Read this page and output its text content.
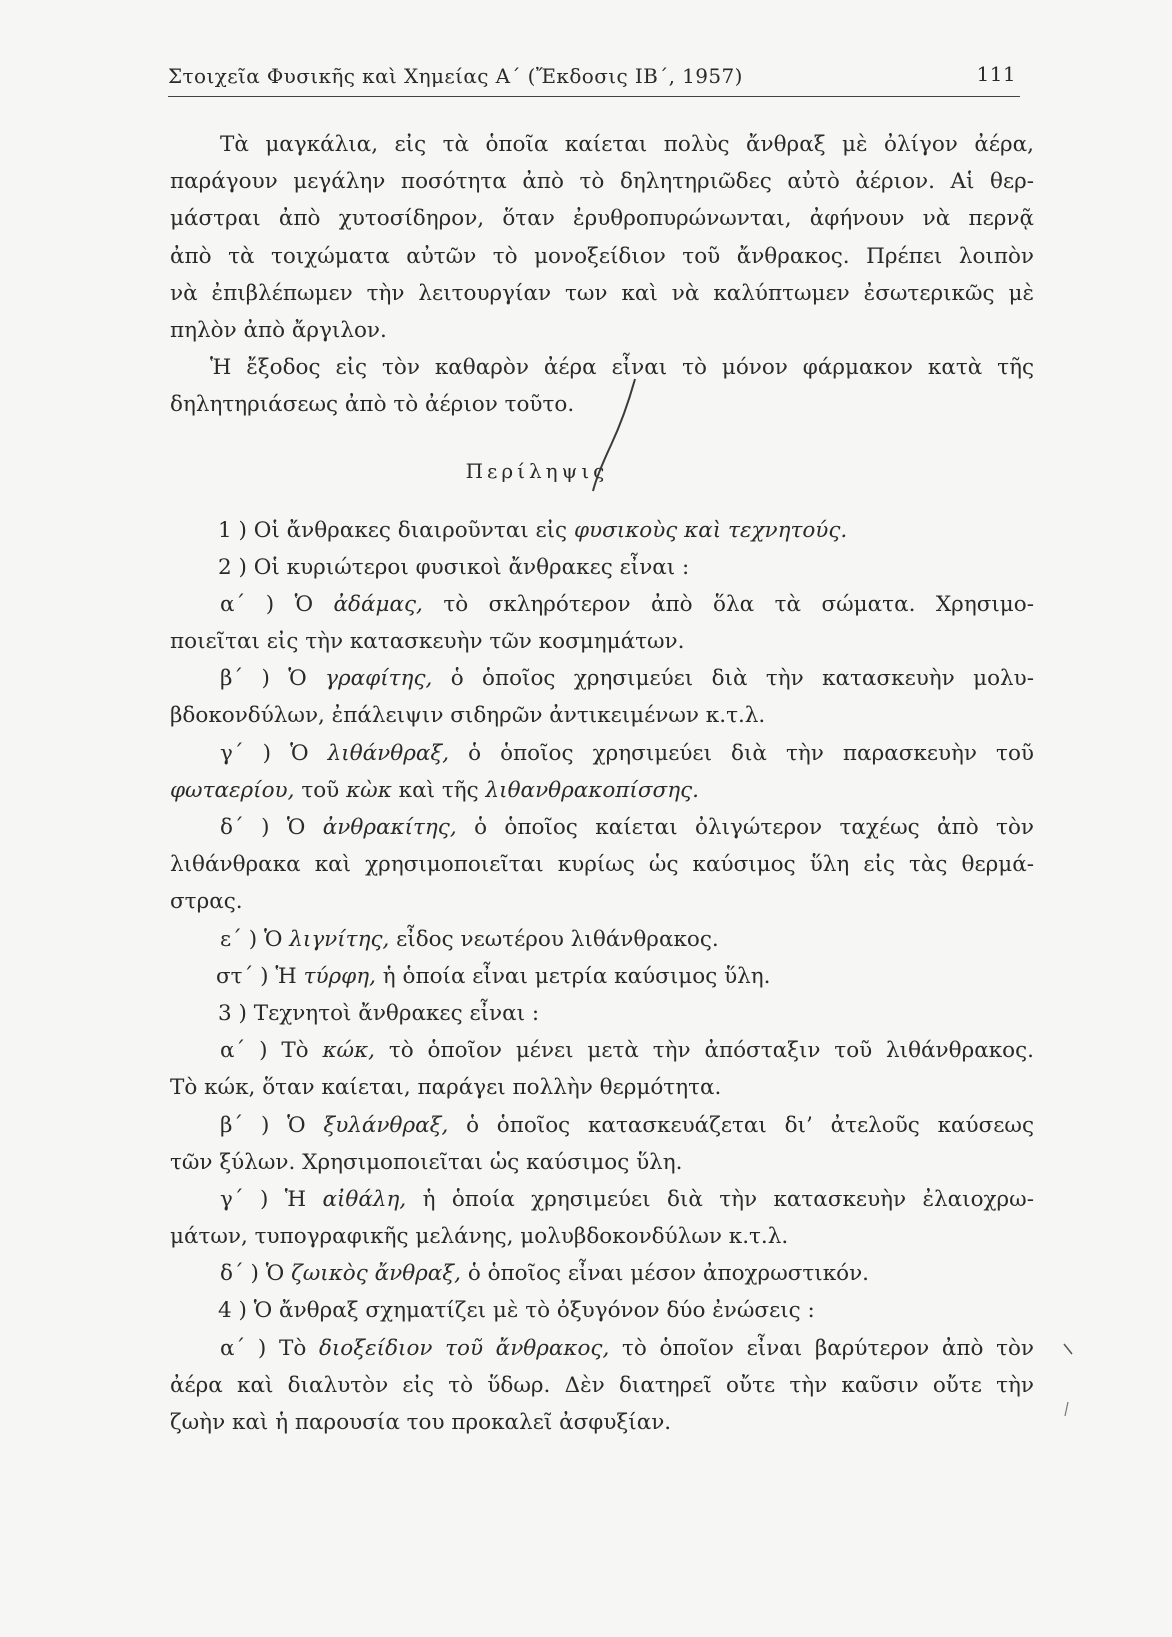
Στοιχεῖα Φυσικῆς καὶ Χημείας Α΄ (Ἔκδοσις ΙΒ΄, 1957)	111
Τὰ μαγκάλια, εἰς τὰ ὁποῖα καίεται πολὺς ἄνθραξ μὲ ὀλίγον ἀέρα,
παράγουν μεγάλην ποσότητα ἀπὸ τὸ δηλητηριῶδες αὐτὸ ἀέριον. Αἱ θερ-
μάστραι ἀπὸ χυτοσίδηρον, ὅταν ἐρυθροπυρώνωνται, ἀφήνουν νὰ περνᾷ
ἀπὸ τὰ τοιχώματα αὐτῶν τὸ μονοξείδιον τοῦ ἄνθρακος. Πρέπει λοιπὸν
νὰ ἐπιβλέπωμεν τὴν λειτουργίαν των καὶ νὰ καλύπτωμεν ἐσωτερικῶς μὲ
πηλὸν ἀπὸ ἄργιλον.
Ἡ ἔξοδος εἰς τὸν καθαρὸν ἀέρα εἶναι τὸ μόνον φάρμακον κατὰ τῆς
δηλητηριάσεως ἀπὸ τὸ ἀέριον τοῦτο.
Περίληψις
1 ) Οἱ ἄνθρακες διαιροῦνται εἰς φυσικοὺς καὶ τεχνητούς.
2 ) Οἱ κυριώτεροι φυσικοὶ ἄνθρακες εἶναι :
α΄ ) Ὁ ἀδάμας, τὸ σκληρότερον ἀπὸ ὅλα τὰ σώματα. Χρησιμο-
ποιεῖται εἰς τὴν κατασκευὴν τῶν κοσμημάτων.
β΄ ) Ὁ γραφίτης, ὁ ὁποῖος χρησιμεύει διὰ τὴν κατασκευὴν μολυ-
βδοκονδύλων, ἐπάλειψιν σιδηρῶν ἀντικειμένων κ.τ.λ.
γ΄ ) Ὁ λιθάνθραξ, ὁ ὁποῖος χρησιμεύει διὰ τὴν παρασκευὴν τοῦ
φωταερίου, τοῦ κὼκ καὶ τῆς λιθανθρακοπίσσης.
δ΄ ) Ὁ ἀνθρακίτης, ὁ ὁποῖος καίεται ὀλιγώτερον ταχέως ἀπὸ τὸν
λιθάνθρακα καὶ χρησιμοποιεῖται κυρίως ὡς καύσιμος ὕλη εἰς τὰς θερμά-
στρας.
ε΄ ) Ὁ λιγνίτης, εἶδος νεωτέρου λιθάνθρακος.
στ΄ ) Ἡ τύρφη, ἡ ὁποία εἶναι μετρία καύσιμος ὕλη.
3 ) Τεχνητοὶ ἄνθρακες εἶναι :
α΄ ) Τὸ κώκ, τὸ ὁποῖον μένει μετὰ τὴν ἀπόσταξιν τοῦ λιθάνθρακος.
Τὸ κώκ, ὅταν καίεται, παράγει πολλὴν θερμότητα.
β΄ ) Ὁ ξυλάνθραξ, ὁ ὁποῖος κατασκευάζεται δι’ ἀτελοῦς καύσεως
τῶν ξύλων. Χρησιμοποιεῖται ὡς καύσιμος ὕλη.
γ΄ ) Ἡ αἰθάλη, ἡ ὁποία χρησιμεύει διὰ τὴν κατασκευὴν ἐλαιοχρω-
μάτων, τυπογραφικῆς μελάνης, μολυβδοκονδύλων κ.τ.λ.
δ΄ ) Ὁ ζωικὸς ἄνθραξ, ὁ ὁποῖος εἶναι μέσον ἀποχρωστικόν.
4 ) Ὁ ἄνθραξ σχηματίζει μὲ τὸ ὀξυγόνον δύο ἐνώσεις :
α΄ ) Τὸ διοξείδιον τοῦ ἄνθρακος, τὸ ὁποῖον εἶναι βαρύτερον ἀπὸ τὸν
ἀέρα καὶ διαλυτὸν εἰς τὸ ὕδωρ. Δὲν διατηρεῖ οὔτε τὴν καῦσιν οὔτε τὴν
ζωὴν καὶ ἡ παρουσία του προκαλεῖ ἀσφυξίαν.
